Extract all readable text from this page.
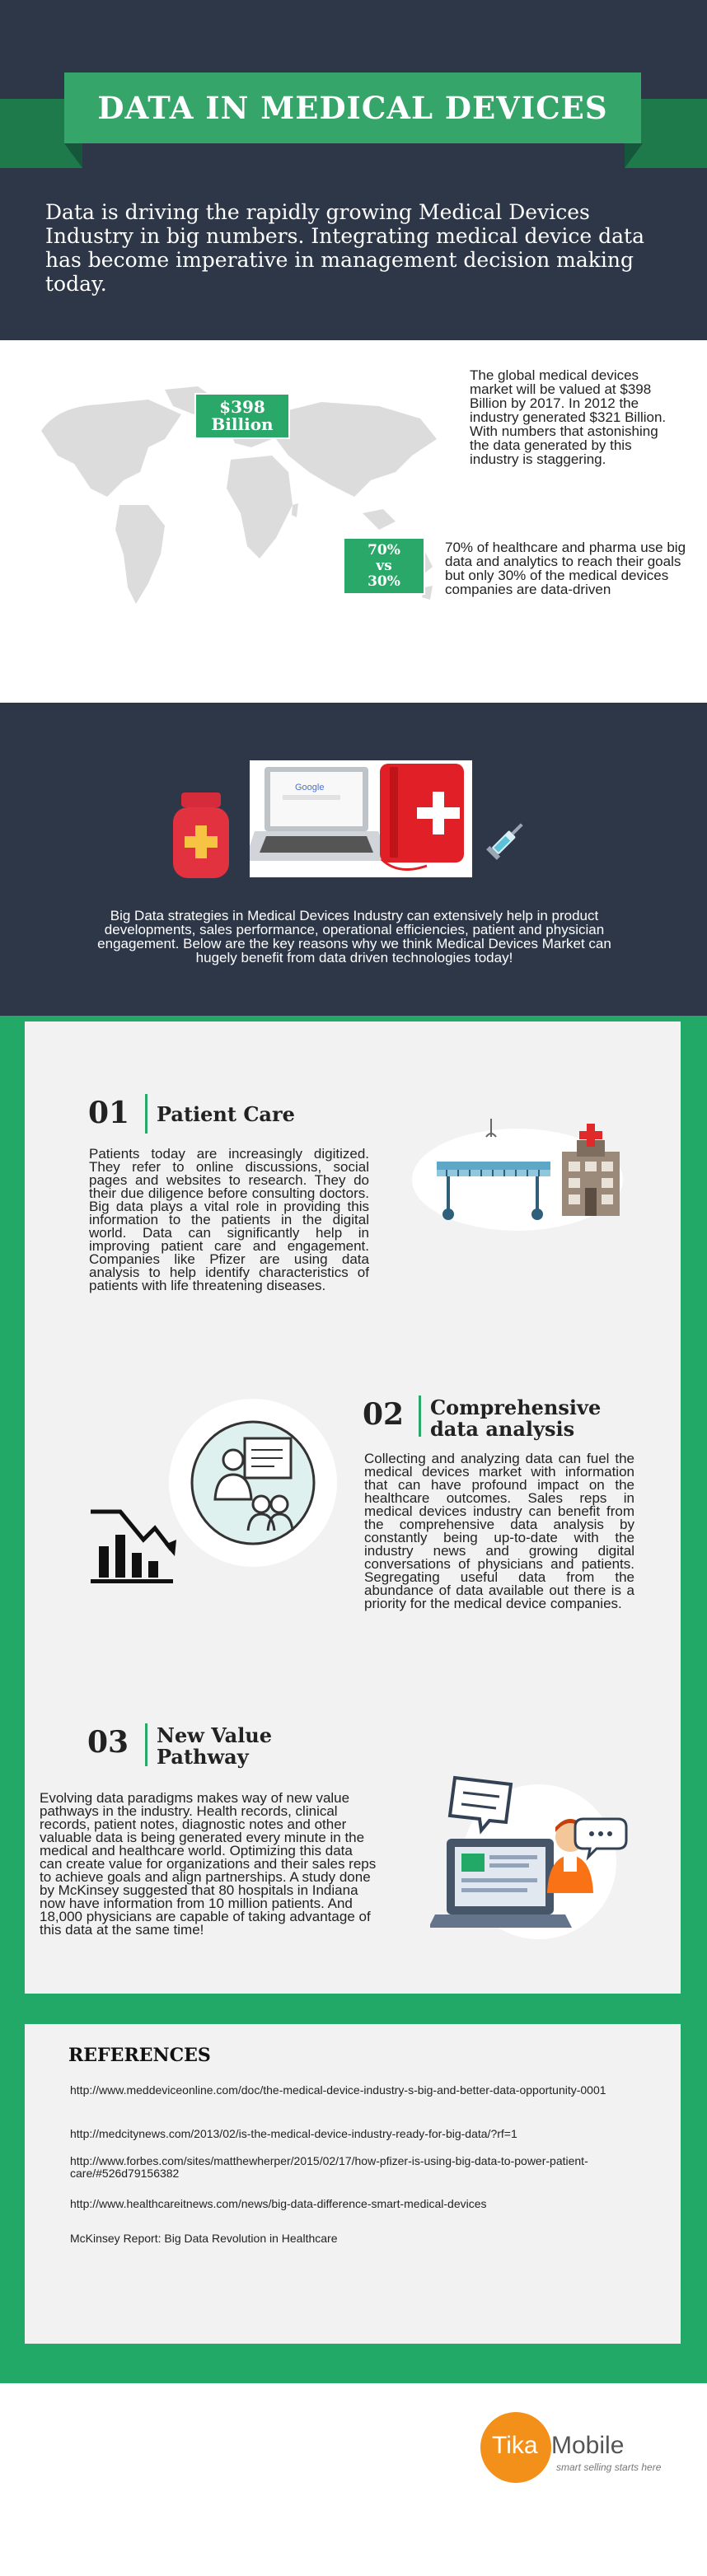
DATA IN MEDICAL DEVICES
Data is driving the rapidly growing Medical Devices Industry in big numbers. Integrating medical device data has become imperative in management decision making today.
$398
Billion
The global medical devices market will be valued at $398 Billion by 2017. In 2012 the industry generated $321 Billion. With numbers that astonishing the data generated by this industry is staggering.
70%
vs
30%
70% of healthcare and pharma use big data and analytics to reach their goals but only 30% of the medical devices companies are data-driven
Google
Big Data strategies in Medical Devices Industry can extensively help in product developments, sales performance, operational efficiencies, patient and physician engagement. Below are the key reasons why we think Medical Devices Market can hugely benefit from data driven technologies today!
01 Patient Care
Patients today are increasingly digitized. They refer to online discussions, social pages and websites to research. They do their due diligence before consulting doctors. Big data plays a vital role in providing this information to the patients in the digital world. Data can significantly help in improving patient care and engagement. Companies like Pfizer are using data analysis to help identify characteristics of patients with life threatening diseases.
02 Comprehensive
data analysis
Collecting and analyzing data can fuel the medical devices market with information that can have profound impact on the healthcare outcomes. Sales reps in medical devices industry can benefit from the comprehensive data analysis by constantly being up-to-date with the industry news and growing digital conversations of physicians and patients. Segregating useful data from the abundance of data available out there is a priority for the medical device companies.
03 New Value
Pathway
Evolving data paradigms makes way of new value pathways in the industry. Health records, clinical records, patient notes, diagnostic notes and other valuable data is being generated every minute in the medical and healthcare world. Optimizing this data can create value for organizations and their sales reps to achieve goals and align partnerships. A study done by McKinsey suggested that 80 hospitals in Indiana now have information from 10 million patients. And 18,000 physicians are capable of taking advantage of this data at the same time!
REFERENCES
http://www.meddeviceonline.com/doc/the-medical-device-industry-s-big-and-better-data-opportunity-0001
http://medcitynews.com/2013/02/is-the-medical-device-industry-ready-for-big-data/?rf=1
http://www.forbes.com/sites/matthewherper/2015/02/17/how-pfizer-is-using-big-data-to-power-patient-care/#526d79156382
http://www.healthcareitnews.com/news/big-data-difference-smart-medical-devices
McKinsey Report: Big Data Revolution in Healthcare
Tika Mobile
smart selling starts here
